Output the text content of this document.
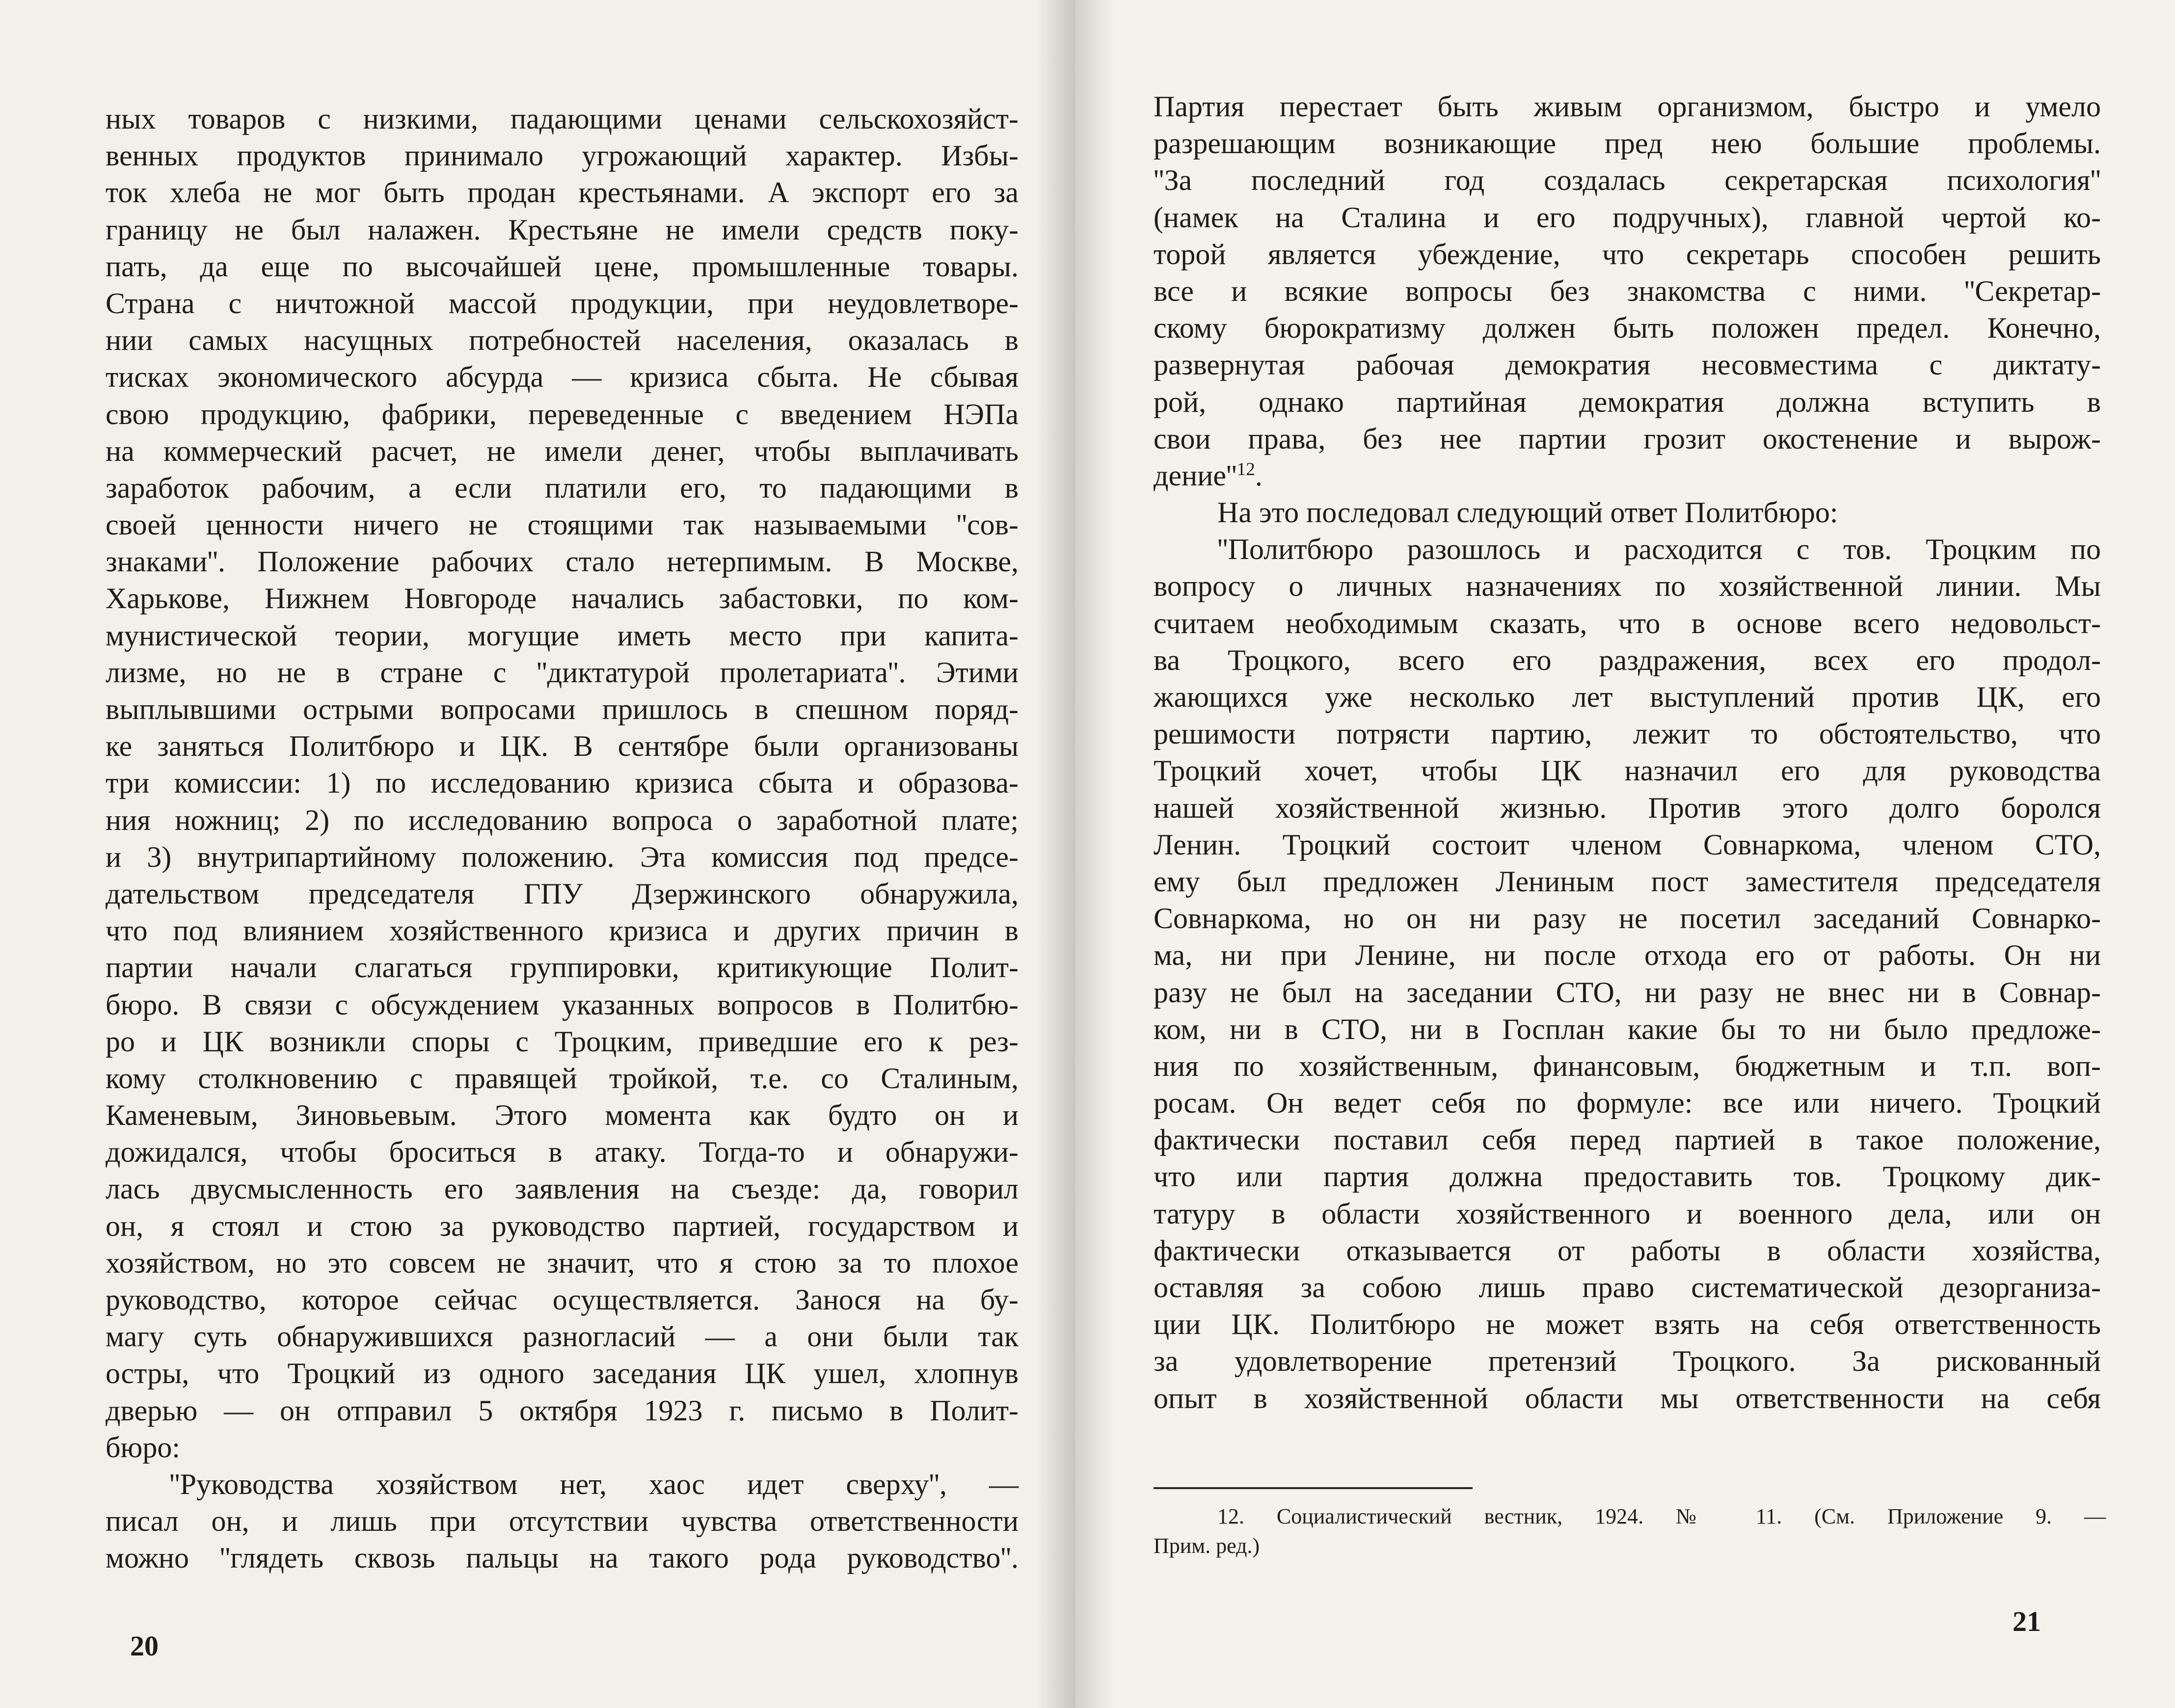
ных товаров с низкими, падающими ценами сельскохозяйст-
венных продуктов принимало угрожающий характер. Избы-
ток хлеба не мог быть продан крестьянами. А экспорт его за
границу не был налажен. Крестьяне не имели средств поку-
пать, да еще по высочайшей цене, промышленные товары.
Страна с ничтожной массой продукции, при неудовлетворе-
нии самых насущных потребностей населения, оказалась в
тисках экономического абсурда — кризиса сбыта. Не сбывая
свою продукцию, фабрики, переведенные с введением НЭПа
на коммерческий расчет, не имели денег, чтобы выплачивать
заработок рабочим, а если платили его, то падающими в
своей ценности ничего не стоящими так называемыми ''сов-
знаками''. Положение рабочих стало нетерпимым. В Москве,
Харькове, Нижнем Новгороде начались забастовки, по ком-
мунистической теории, могущие иметь место при капита-
лизме, но не в стране с ''диктатурой пролетариата''. Этими
выплывшими острыми вопросами пришлось в спешном поряд-
ке заняться Политбюро и ЦК. В сентябре были организованы
три комиссии: 1) по исследованию кризиса сбыта и образова-
ния ножниц; 2) по исследованию вопроса о заработной плате;
и 3) внутрипартийному положению. Эта комиссия под предсе-
дательством председателя ГПУ Дзержинского обнаружила,
что под влиянием хозяйственного кризиса и других причин в
партии начали слагаться группировки, критикующие Полит-
бюро. В связи с обсуждением указанных вопросов в Политбю-
ро и ЦК возникли споры с Троцким, приведшие его к рез-
кому столкновению с правящей тройкой, т.е. со Сталиным,
Каменевым, Зиновьевым. Этого момента как будто он и
дожидался, чтобы броситься в атаку. Тогда-то и обнаружи-
лась двусмысленность его заявления на съезде: да, говорил
он, я стоял и стою за руководство партией, государством и
хозяйством, но это совсем не значит, что я стою за то плохое
руководство, которое сейчас осуществляется. Занося на бу-
магу суть обнаружившихся разногласий — а они были так
остры, что Троцкий из одного заседания ЦК ушел, хлопнув
дверью — он отправил 5 октября 1923 г. письмо в Полит-
бюро:
''Руководства хозяйством нет, хаос идет сверху'', —
писал он, и лишь при отсутствии чувства ответственности
можно ''глядеть сквозь пальцы на такого рода руководство''.
20
Партия перестает быть живым организмом, быстро и умело
разрешающим возникающие пред нею большие проблемы.
''За последний год создалась секретарская психология''
(намек на Сталина и его подручных), главной чертой ко-
торой является убеждение, что секретарь способен решить
все и всякие вопросы без знакомства с ними. ''Секретар-
скому бюрократизму должен быть положен предел. Конечно,
развернутая рабочая демократия несовместима с диктату-
рой, однако партийная демократия должна вступить в
свои права, без нее партии грозит окостенение и вырож-
$дение''^{12}$.
На это последовал следующий ответ Политбюро:
''Политбюро разошлось и расходится с тов. Троцким по
вопросу о личных назначениях по хозяйственной линии. Мы
считаем необходимым сказать, что в основе всего недовольст-
ва Троцкого, всего его раздражения, всех его продол-
жающихся уже несколько лет выступлений против ЦК, его
решимости потрясти партию, лежит то обстоятельство, что
Троцкий хочет, чтобы ЦК назначил его для руководства
нашей хозяйственной жизнью. Против этого долго боролся
Ленин. Троцкий состоит членом Совнаркома, членом СТО,
ему был предложен Лениным пост заместителя председателя
Совнаркома, но он ни разу не посетил заседаний Совнарко-
ма, ни при Ленине, ни после отхода его от работы. Он ни
разу не был на заседании СТО, ни разу не внес ни в Совнар-
ком, ни в СТО, ни в Госплан какие бы то ни было предложе-
ния по хозяйственным, финансовым, бюджетным и т.п. воп-
росам. Он ведет себя по формуле: все или ничего. Троцкий
фактически поставил себя перед партией в такое положение,
что или партия должна предоставить тов. Троцкому дик-
татуру в области хозяйственного и военного дела, или он
фактически отказывается от работы в области хозяйства,
оставляя за собою лишь право систематической дезорганиза-
ции ЦК. Политбюро не может взять на себя ответственность
за удовлетворение претензий Троцкого. За рискованный
опыт в хозяйственной области мы ответственности на себя
12. Социалистический вестник, 1924. № 11. (См. Приложение 9. —
Прим. ред.)
21
